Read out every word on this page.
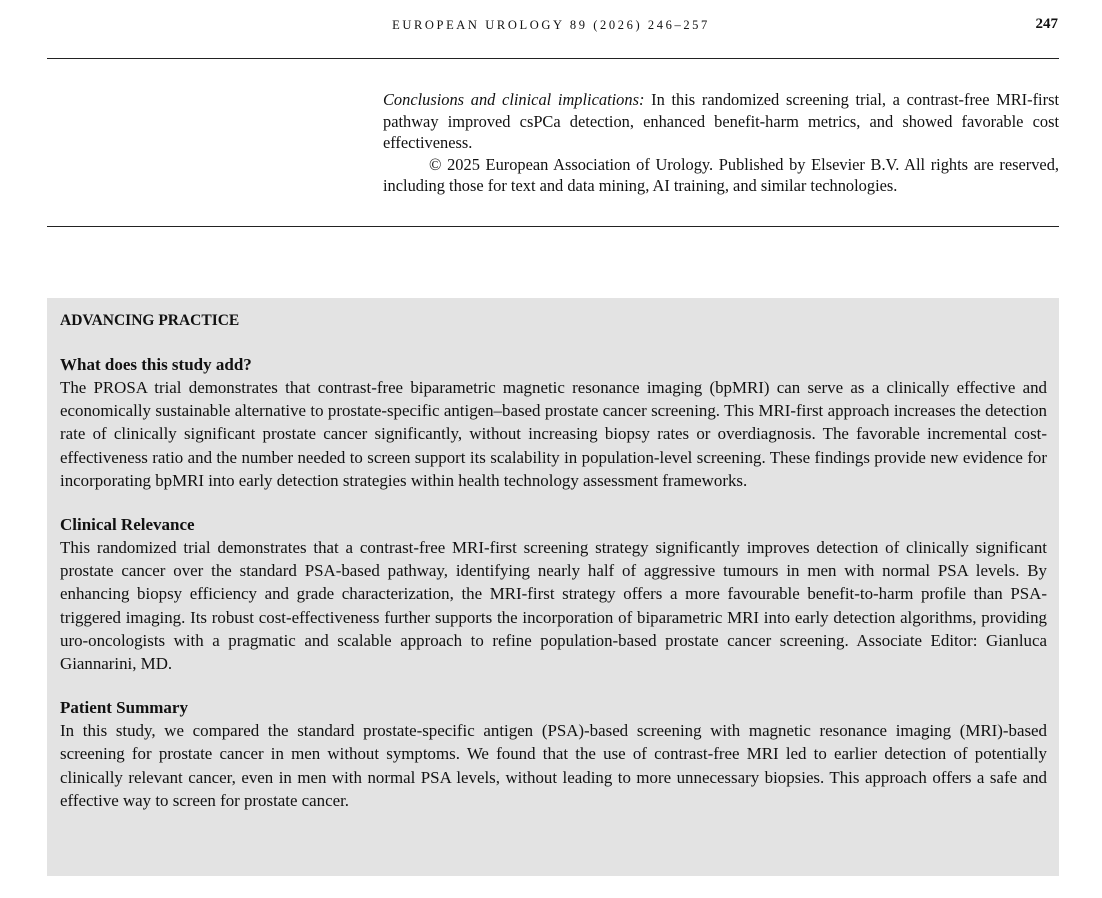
EUROPEAN UROLOGY 89 (2026) 246–257	247

Conclusions and clinical implications: In this randomized screening trial, a contrast-free MRI-first pathway improved csPCa detection, enhanced benefit-harm metrics, and showed favorable cost effectiveness.

© 2025 European Association of Urology. Published by Elsevier B.V. All rights are reserved, including those for text and data mining, AI training, and similar technologies.

ADVANCING PRACTICE
What does this study add?

The PROSA trial demonstrates that contrast-free biparametric magnetic resonance imaging (bpMRI) can serve as a clinically effective and economically sustainable alternative to prostate-specific antigen–based prostate cancer screening. This MRI-first approach increases the detection rate of clinically significant prostate cancer significantly, without increasing biopsy rates or overdiagnosis. The favorable incremental cost-effectiveness ratio and the number needed to screen support its scalability in population-level screening. These findings provide new evidence for incorporating bpMRI into early detection strategies within health technology assessment frameworks.

Clinical Relevance

This randomized trial demonstrates that a contrast-free MRI-first screening strategy significantly improves detection of clinically significant prostate cancer over the standard PSA-based pathway, identifying nearly half of aggressive tumours in men with normal PSA levels. By enhancing biopsy efficiency and grade characterization, the MRI-first strategy offers a more favourable benefit-to-harm profile than PSA-triggered imaging. Its robust cost-effectiveness further supports the incorporation of biparametric MRI into early detection algorithms, providing uro-oncologists with a pragmatic and scalable approach to refine population-based prostate cancer screening. Associate Editor: Gianluca Giannarini, MD.

Patient Summary

In this study, we compared the standard prostate-specific antigen (PSA)-based screening with magnetic resonance imaging (MRI)-based screening for prostate cancer in men without symptoms. We found that the use of contrast-free MRI led to earlier detection of potentially clinically relevant cancer, even in men with normal PSA levels, without leading to more unnecessary biopsies. This approach offers a safe and effective way to screen for prostate cancer.
